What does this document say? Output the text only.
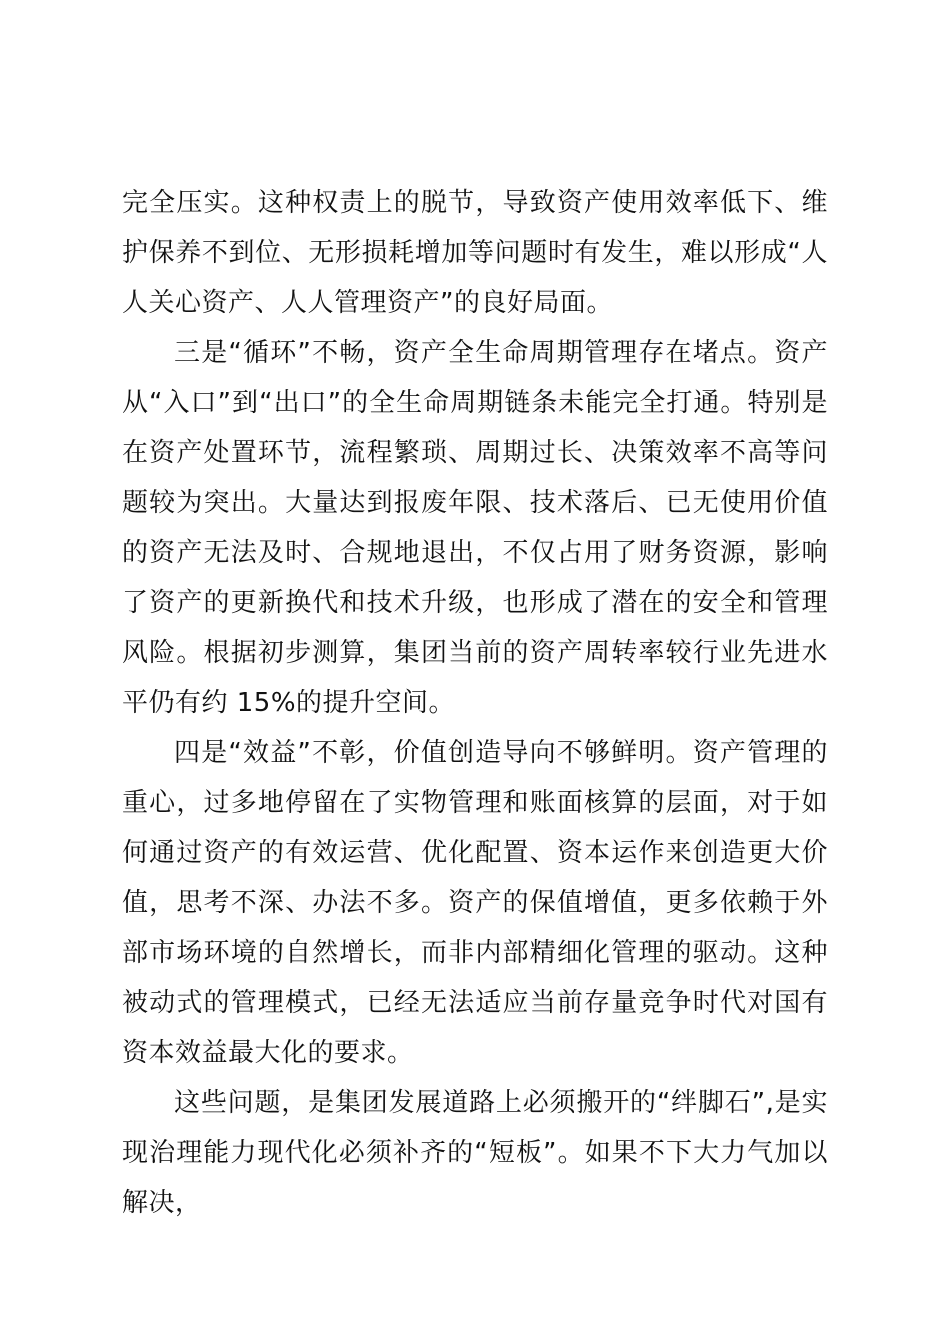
完全压实。这种权责上的脱节，导致资产使用效率低下、维护保养不到位、无形损耗增加等问题时有发生，难以形成“人人关心资产、人人管理资产”的良好局面。

三是“循环”不畅，资产全生命周期管理存在堵点。资产从“入口”到“出口”的全生命周期链条未能完全打通。特别是在资产处置环节，流程繁琐、周期过长、决策效率不高等问题较为突出。大量达到报废年限、技术落后、已无使用价值的资产无法及时、合规地退出，不仅占用了财务资源，影响了资产的更新换代和技术升级，也形成了潜在的安全和管理风险。根据初步测算，集团当前的资产周转率较行业先进水平仍有约 15%的提升空间。

四是“效益”不彰，价值创造导向不够鲜明。资产管理的重心，过多地停留在了实物管理和账面核算的层面，对于如何通过资产的有效运营、优化配置、资本运作来创造更大价值，思考不深、办法不多。资产的保值增值，更多依赖于外部市场环境的自然增长，而非内部精细化管理的驱动。这种被动式的管理模式，已经无法适应当前存量竞争时代对国有资本效益最大化的要求。

这些问题，是集团发展道路上必须搬开的“绊脚石”,是实现治理能力现代化必须补齐的“短板”。如果不下大力气加以解决，
